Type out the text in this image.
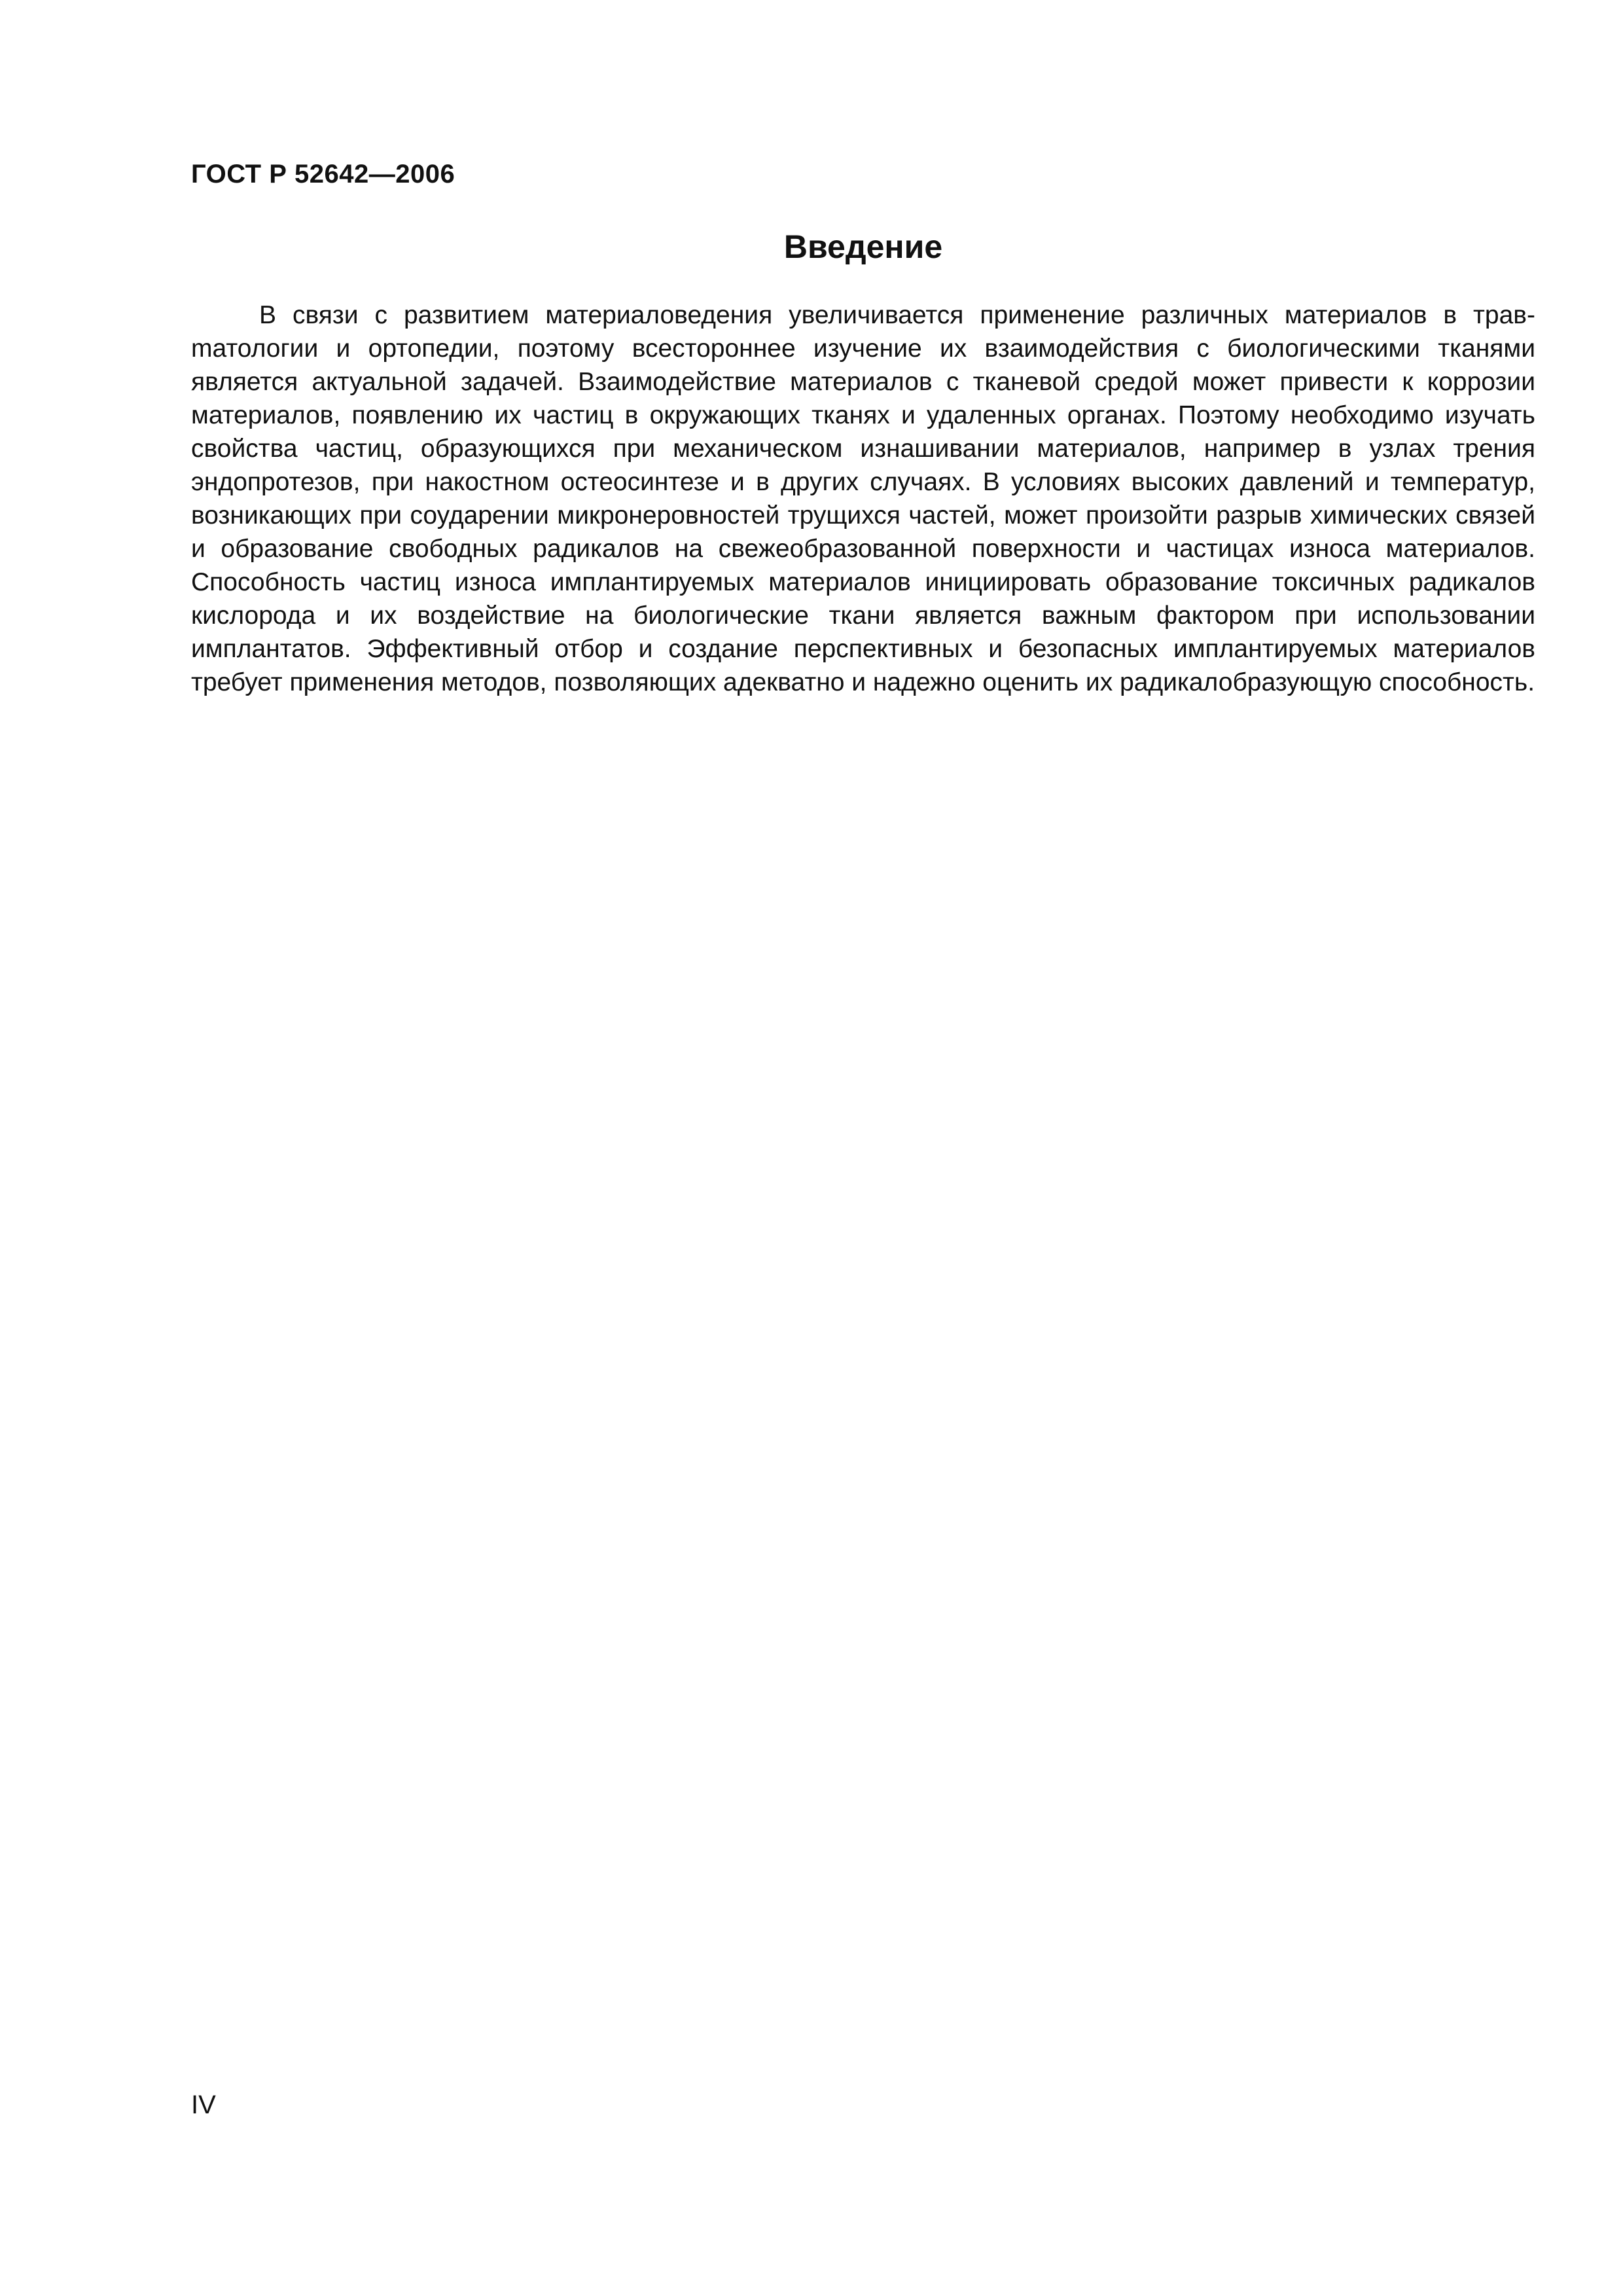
ГОСТ Р 52642—2006
Введение

В связи с развитием материаловедения увеличивается применение различных материалов в травmатологии и ортопедии, поэтому всестороннее изучение их взаимодействия с биологическими тканями является актуальной задачей. Взаимодействие материалов с тканевой средой может привести к коррозии материалов, появлению их частиц в окружающих тканях и удаленных органах. Поэтому необходимо изучать свойства частиц, образующихся при механическом изнашивании материалов, например в узлах трения эндопротезов, при накостном остеосинтезе и в других случаях. В условиях высоких давлений и температур, возникающих при соударении микронеровностей трущихся частей, может произойти разрыв химических связей и образование свободных радикалов на свежеобразованной поверхности и частицах износа материалов. Способность частиц износа имплантируемых материалов инициировать образование токсичных радикалов кислорода и их воздействие на биологические ткани является важным фактором при использовании имплантатов. Эффективный отбор и создание перспективных и безопасных имплантируемых материалов требует применения методов, позволяющих адекватно и надежно оценить их радикалобразующую способность.

IV
